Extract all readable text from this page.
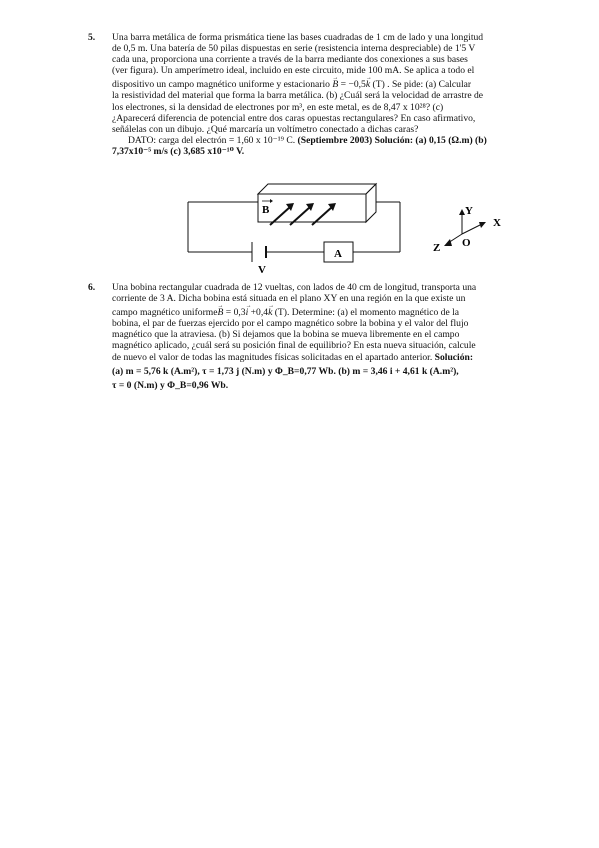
5. Una barra metálica de forma prismática tiene las bases cuadradas de 1 cm de lado y una longitud
de 0,5 m. Una batería de 50 pilas dispuestas en serie (resistencia interna despreciable) de 1'5 V
cada una, proporciona una corriente a través de la barra mediante dos conexiones a sus bases
(ver figura). Un amperímetro ideal, incluido en este circuito, mide 100 mA. Se aplica a todo el
dispositivo un campo magnético uniforme y estacionario → B = −0,5→ k (T) . Se pide: (a) Calcular
la resistividad del material que forma la barra metálica. (b) ¿Cuál será la velocidad de arrastre de
los electrones, si la densidad de electrones por m³, en este metal, es de 8,47 x 10²⁸? (c)
¿Aparecerá diferencia de potencial entre dos caras opuestas rectangulares? En caso afirmativo,
señálelas con un dibujo. ¿Qué marcaría un voltímetro conectado a dichas caras?
DATO: carga del electrón = 1,60 x 10⁻¹⁹ C. (Septiembre 2003) Solución: (a) 0,15 (Ω.m) (b)
7,37x10⁻⁵ m/s (c) 3,685 x10⁻¹⁰ V.
B
V
A
Y
X
Z O
6. Una bobina rectangular cuadrada de 12 vueltas, con lados de 40 cm de longitud, transporta una
corriente de 3 A. Dicha bobina está situada en el plano XY en una región en la que existe un
campo magnético uniforme→ B = 0,3→ i +0,4→ k (T). Determine: (a) el momento magnético de la
bobina, el par de fuerzas ejercido por el campo magnético sobre la bobina y el valor del flujo
magnético que la atraviesa. (b) Si dejamos que la bobina se mueva libremente en el campo
magnético aplicado, ¿cuál será su posición final de equilibrio? En esta nueva situación, calcule
de nuevo el valor de todas las magnitudes físicas solicitadas en el apartado anterior. Solución:
(a) m = 5,76 k (A.m²), τ = 1,73 j (N.m) y Φ_B=0,77 Wb. (b) m = 3,46 i + 4,61 k (A.m²),
τ = 0 (N.m) y Φ_B=0,96 Wb.
